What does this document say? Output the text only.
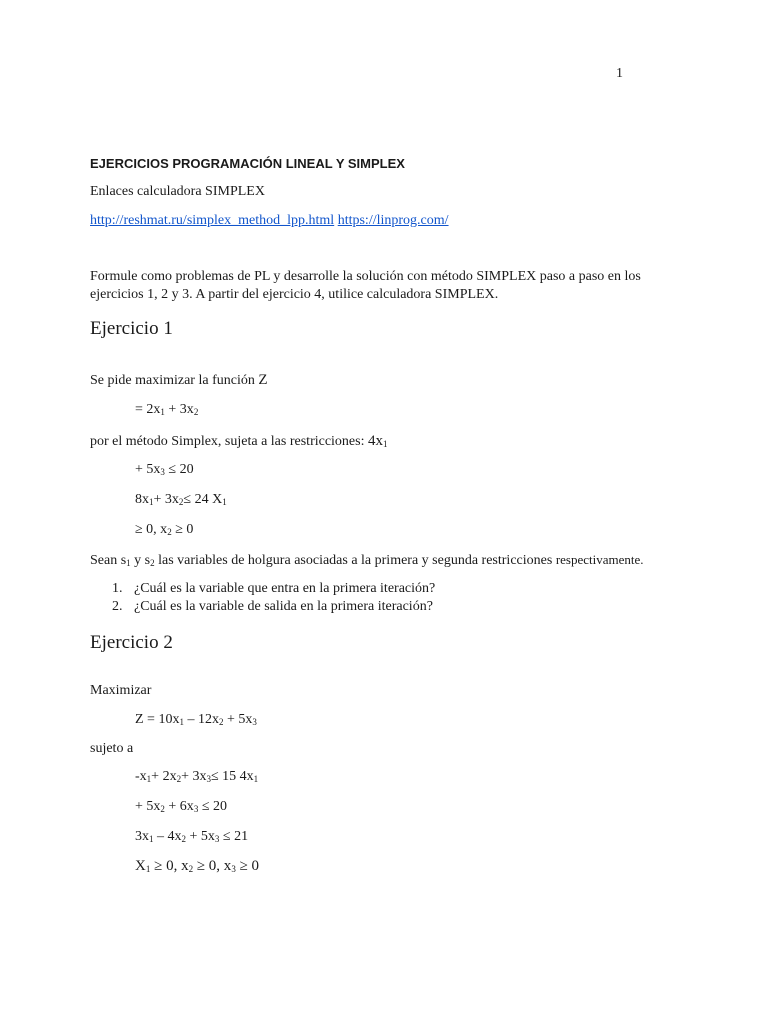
1
EJERCICIOS PROGRAMACIÓN LINEAL Y SIMPLEX
Enlaces calculadora SIMPLEX
http://reshmat.ru/simplex_method_lpp.html https://linprog.com/
Formule como problemas de PL y desarrolle la solución con método SIMPLEX paso a paso en los
ejercicios 1, 2 y 3. A partir del ejercicio 4, utilice calculadora SIMPLEX.
Ejercicio 1
Se pide maximizar la función Z
= $2x_1 + 3x_2$
por el método Simplex, sujeta a las restricciones: $4x_1$
+ $5x_3 \le 20$
$8x_1+ 3x_2\le 24$ $X_1$
≥ 0, $x_2 \ge 0$
Sean $s_1$ y $s_2$ las variables de holgura asociadas a la primera y segunda restricciones respectivamente.
1. ¿Cuál es la variable que entra en la primera iteración?
2. ¿Cuál es la variable de salida en la primera iteración?
Ejercicio 2
Maximizar
$Z = 10x_1 - 12x_2 + 5x_3$
sujeto a
$-x_1+ 2x_2+ 3x_3\le 15$ $4x_1$
+ $5x_2 + 6x_3 \le 20$
$3x_1 - 4x_2 + 5x_3 \le 21$
$X_1 \ge 0$, $x_2 \ge 0$, $x_3 \ge 0$
